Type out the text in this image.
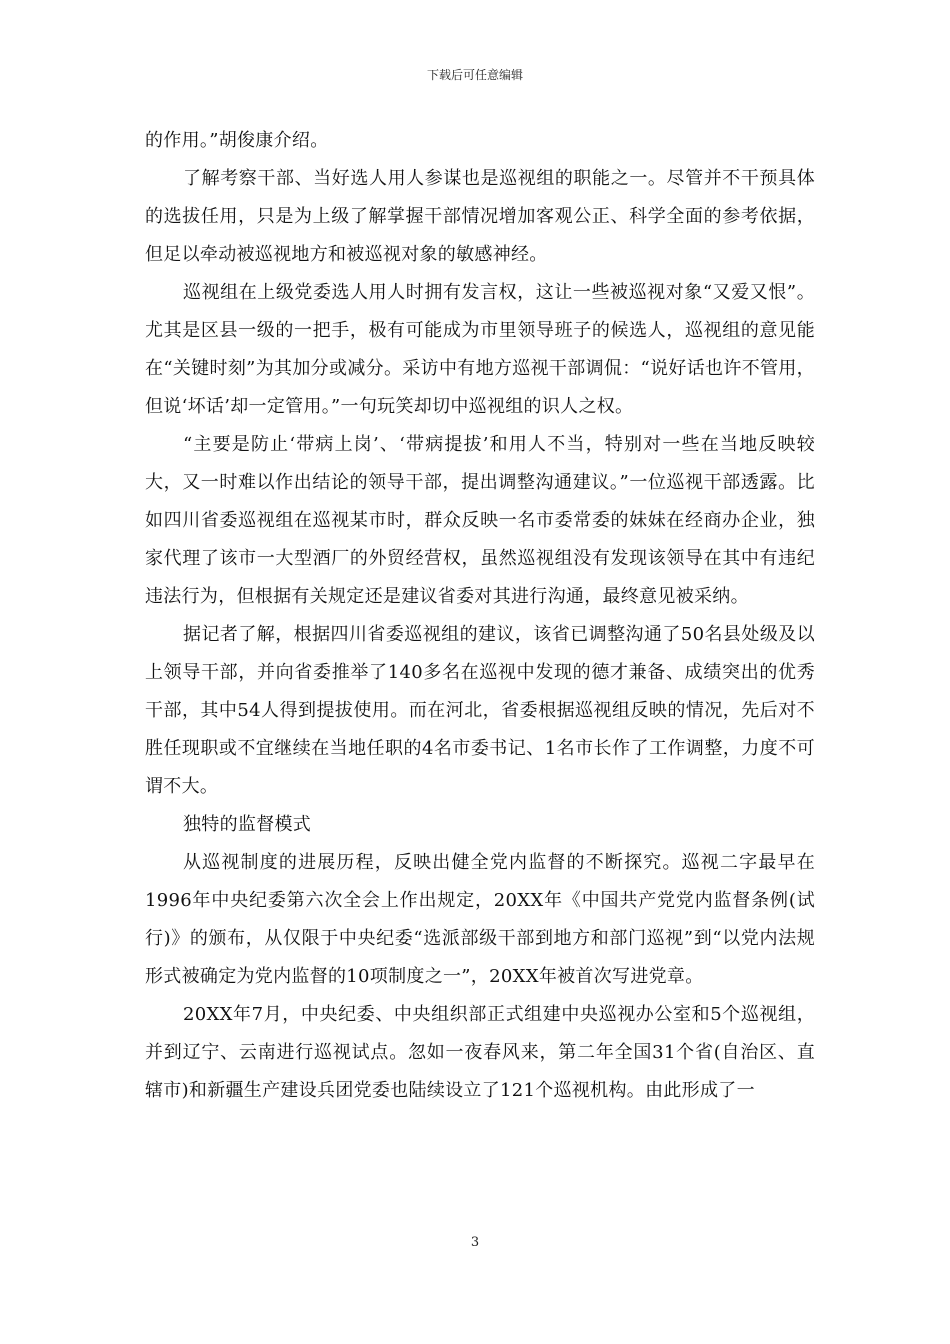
下载后可任意编辑

的作用。”胡俊康介绍。

了解考察干部、当好选人用人参谋也是巡视组的职能之一。尽管并不干预具体的选拔任用，只是为上级了解掌握干部情况增加客观公正、科学全面的参考依据，但足以牵动被巡视地方和被巡视对象的敏感神经。

巡视组在上级党委选人用人时拥有发言权，这让一些被巡视对象“又爱又恨”。尤其是区县一级的一把手，极有可能成为市里领导班子的候选人，巡视组的意见能在“关键时刻”为其加分或减分。采访中有地方巡视干部调侃：“说好话也许不管用，但说‘坏话’却一定管用。”一句玩笑却切中巡视组的识人之权。

“主要是防止‘带病上岗’、‘带病提拔’和用人不当，特别对一些在当地反映较大，又一时难以作出结论的领导干部，提出调整沟通建议。”一位巡视干部透露。比如四川省委巡视组在巡视某市时，群众反映一名市委常委的妹妹在经商办企业，独家代理了该市一大型酒厂的外贸经营权，虽然巡视组没有发现该领导在其中有违纪违法行为，但根据有关规定还是建议省委对其进行沟通，最终意见被采纳。

据记者了解，根据四川省委巡视组的建议，该省已调整沟通了50名县处级及以上领导干部，并向省委推举了140多名在巡视中发现的德才兼备、成绩突出的优秀干部，其中54人得到提拔使用。而在河北，省委根据巡视组反映的情况，先后对不胜任现职或不宜继续在当地任职的4名市委书记、1名市长作了工作调整，力度不可谓不大。

独特的监督模式

从巡视制度的进展历程，反映出健全党内监督的不断探究。巡视二字最早在1996年中央纪委第六次全会上作出规定，20XX年《中国共产党党内监督条例(试行)》的颁布，从仅限于中央纪委“选派部级干部到地方和部门巡视”到“以党内法规形式被确定为党内监督的10项制度之一”，20XX年被首次写进党章。

20XX年7月，中央纪委、中央组织部正式组建中央巡视办公室和5个巡视组，并到辽宁、云南进行巡视试点。忽如一夜春风来，第二年全国31个省(自治区、直辖市)和新疆生产建设兵团党委也陆续设立了121个巡视机构。由此形成了一

3
